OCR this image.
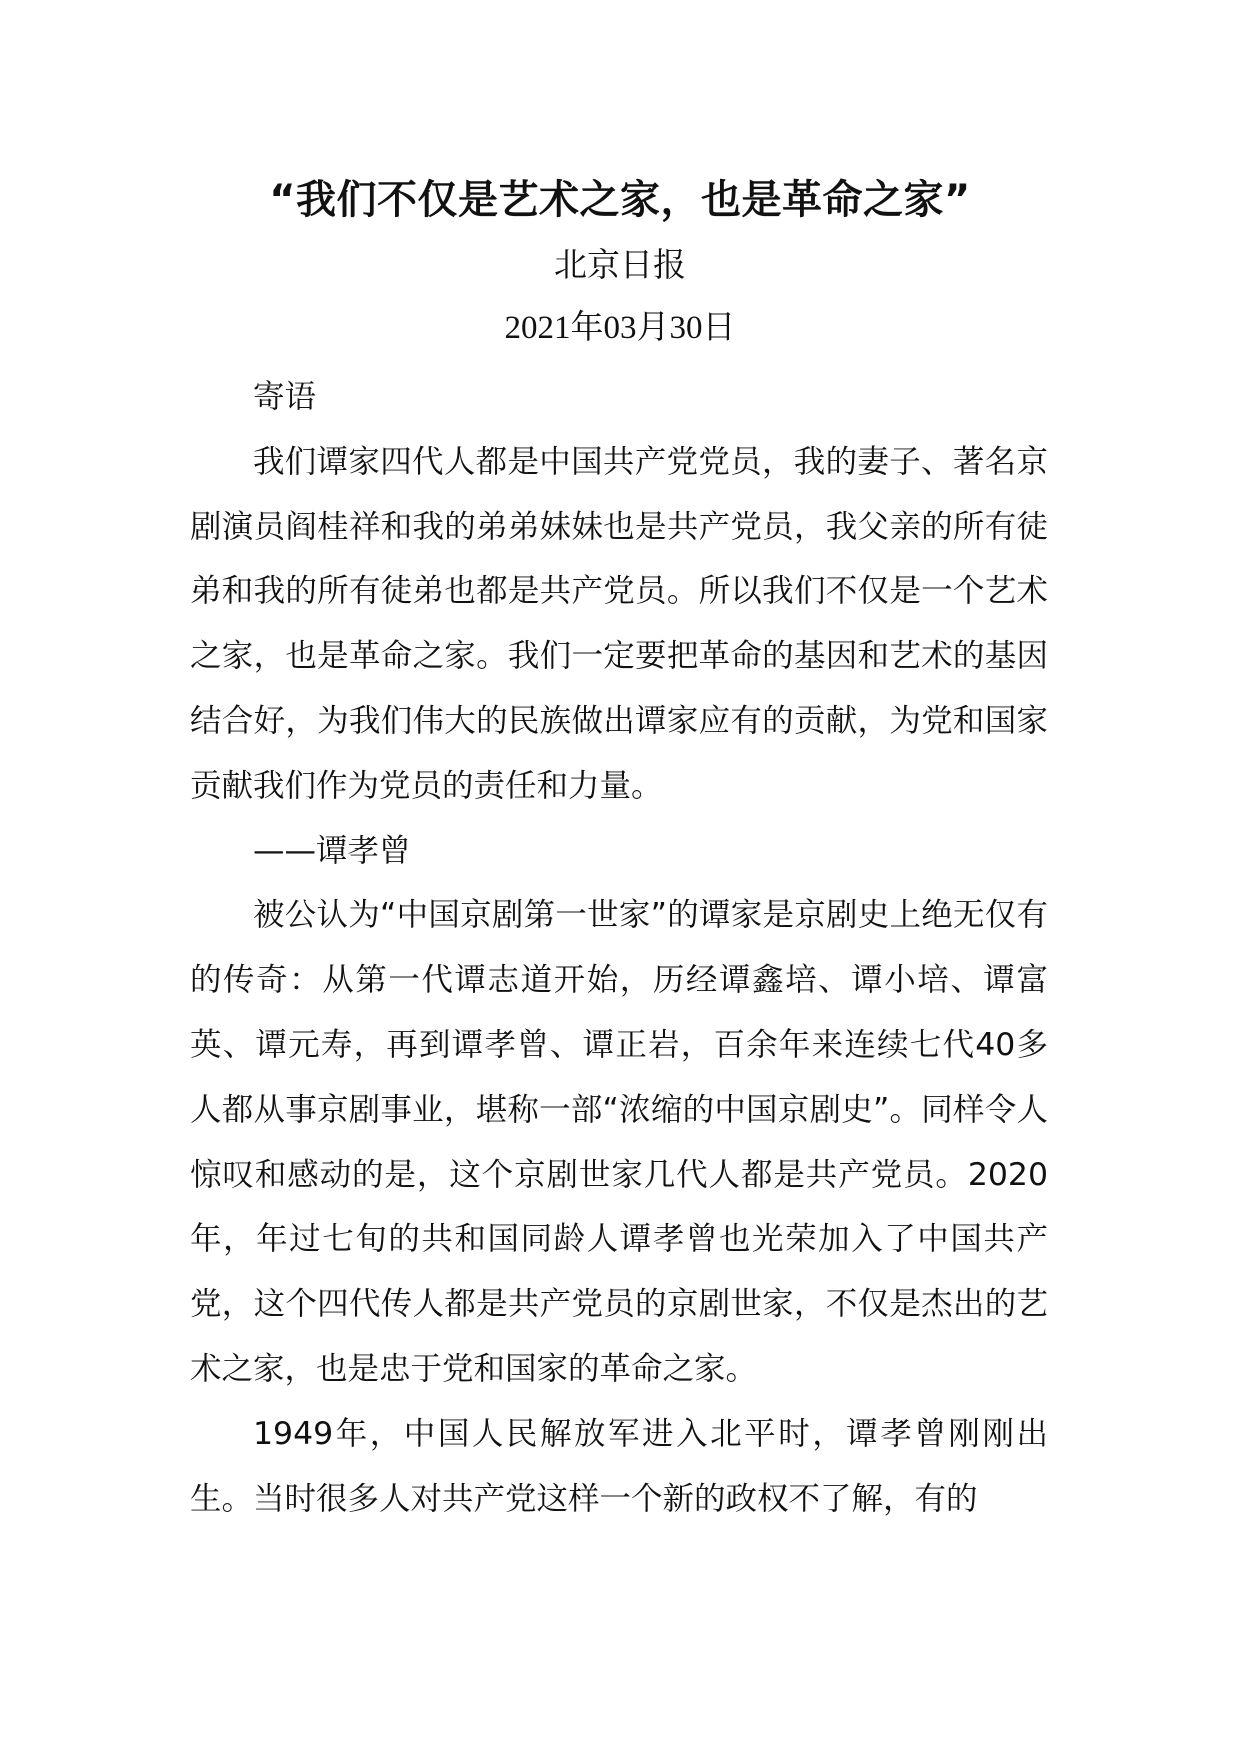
“我们不仅是艺术之家，也是革命之家”
北京日报
2021年03月30日

寄语

我们谭家四代人都是中国共产党党员，我的妻子、著名京剧演员阎桂祥和我的弟弟妹妹也是共产党员，我父亲的所有徒弟和我的所有徒弟也都是共产党员。所以我们不仅是一个艺术之家，也是革命之家。我们一定要把革命的基因和艺术的基因结合好，为我们伟大的民族做出谭家应有的贡献，为党和国家贡献我们作为党员的责任和力量。

——谭孝曾

被公认为“中国京剧第一世家”的谭家是京剧史上绝无仅有的传奇：从第一代谭志道开始，历经谭鑫培、谭小培、谭富英、谭元寿，再到谭孝曾、谭正岩，百余年来连续七代40多人都从事京剧事业，堪称一部“浓缩的中国京剧史”。同样令人惊叹和感动的是，这个京剧世家几代人都是共产党员。2020年，年过七旬的共和国同龄人谭孝曾也光荣加入了中国共产党，这个四代传人都是共产党员的京剧世家，不仅是杰出的艺术之家，也是忠于党和国家的革命之家。

1949年，中国人民解放军进入北平时，谭孝曾刚刚出生。当时很多人对共产党这样一个新的政权不了解，有的
